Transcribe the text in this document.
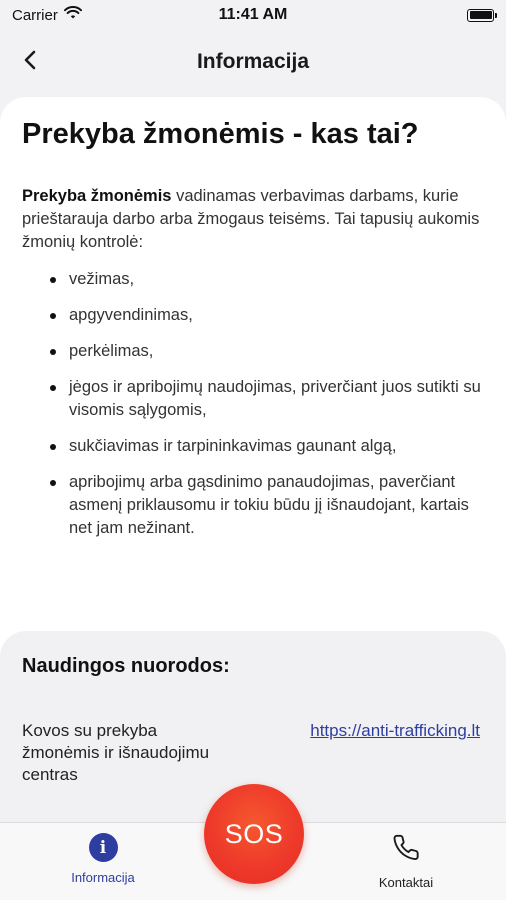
Carrier	11:41 AM
Informacija
Prekyba žmonėmis - kas tai?

Prekyba žmonėmis vadinamas verbavimas darbams, kurie prieštarauja darbo arba žmogaus teisėms. Tai tapusių aukomis žmonių kontrolė:

vežimas,
apgyvendinimas,
perkėlimas,
jėgos ir apribojimų naudojimas, priverčiant juos sutikti su visomis sąlygomis,
sukčiavimas ir tarpininkavimas gaunant algą,
apribojimų arba gąsdinimo panaudojimas, paverčiant asmenį priklausomu ir tokiu būdu jį išnaudojant, kartais net jam nežinant.
Naudingos nuorodos:
Kovos su prekyba žmonėmis ir išnaudojimu centras
https://anti-trafficking.lt
i
Informacija	Kontaktai
SOS
